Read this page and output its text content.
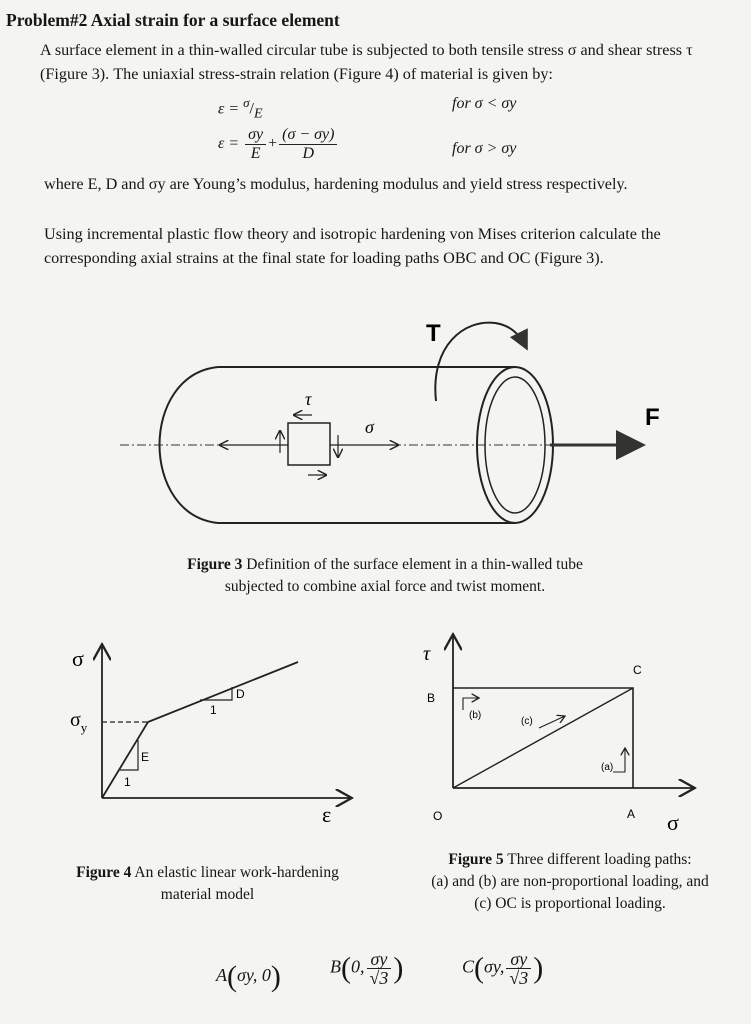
Problem#2 Axial strain for a surface element
A surface element in a thin-walled circular tube is subjected to both tensile stress σ and shear stress τ (Figure 3). The uniaxial stress-strain relation (Figure 4) of material is given by:
$\varepsilon = ^\sigma/_E$
for σ < σy
$\varepsilon = \frac{\sigma y}{E} + \frac{(\sigma - \sigma y)}{D}$	for σ > σy
where E, D and σy are Young’s modulus, hardening modulus and yield stress respectively.
Using incremental plastic flow theory and isotropic hardening von Mises criterion calculate the corresponding axial strains at the final state for loading paths OBC and OC (Figure 3).
T
F
τ
σ
Figure 3 Definition of the surface element in a thin-walled tube
subjected to combine axial force and twist moment.
σ
ε
$\sigma_y$
E
1
D
1
Figure 4 An elastic linear work-hardening
material model
τ
σ
O	A
B
C
(a)
(b)
(c)
Figure 5 Three different loading paths:
(a) and (b) are non-proportional loading, and
(c) OC is proportional loading.
A(σy, 0)	B(0, $\frac{\sigma y}{√3}$ )	C(σy, $\frac{\sigma y}{√3}$ )
